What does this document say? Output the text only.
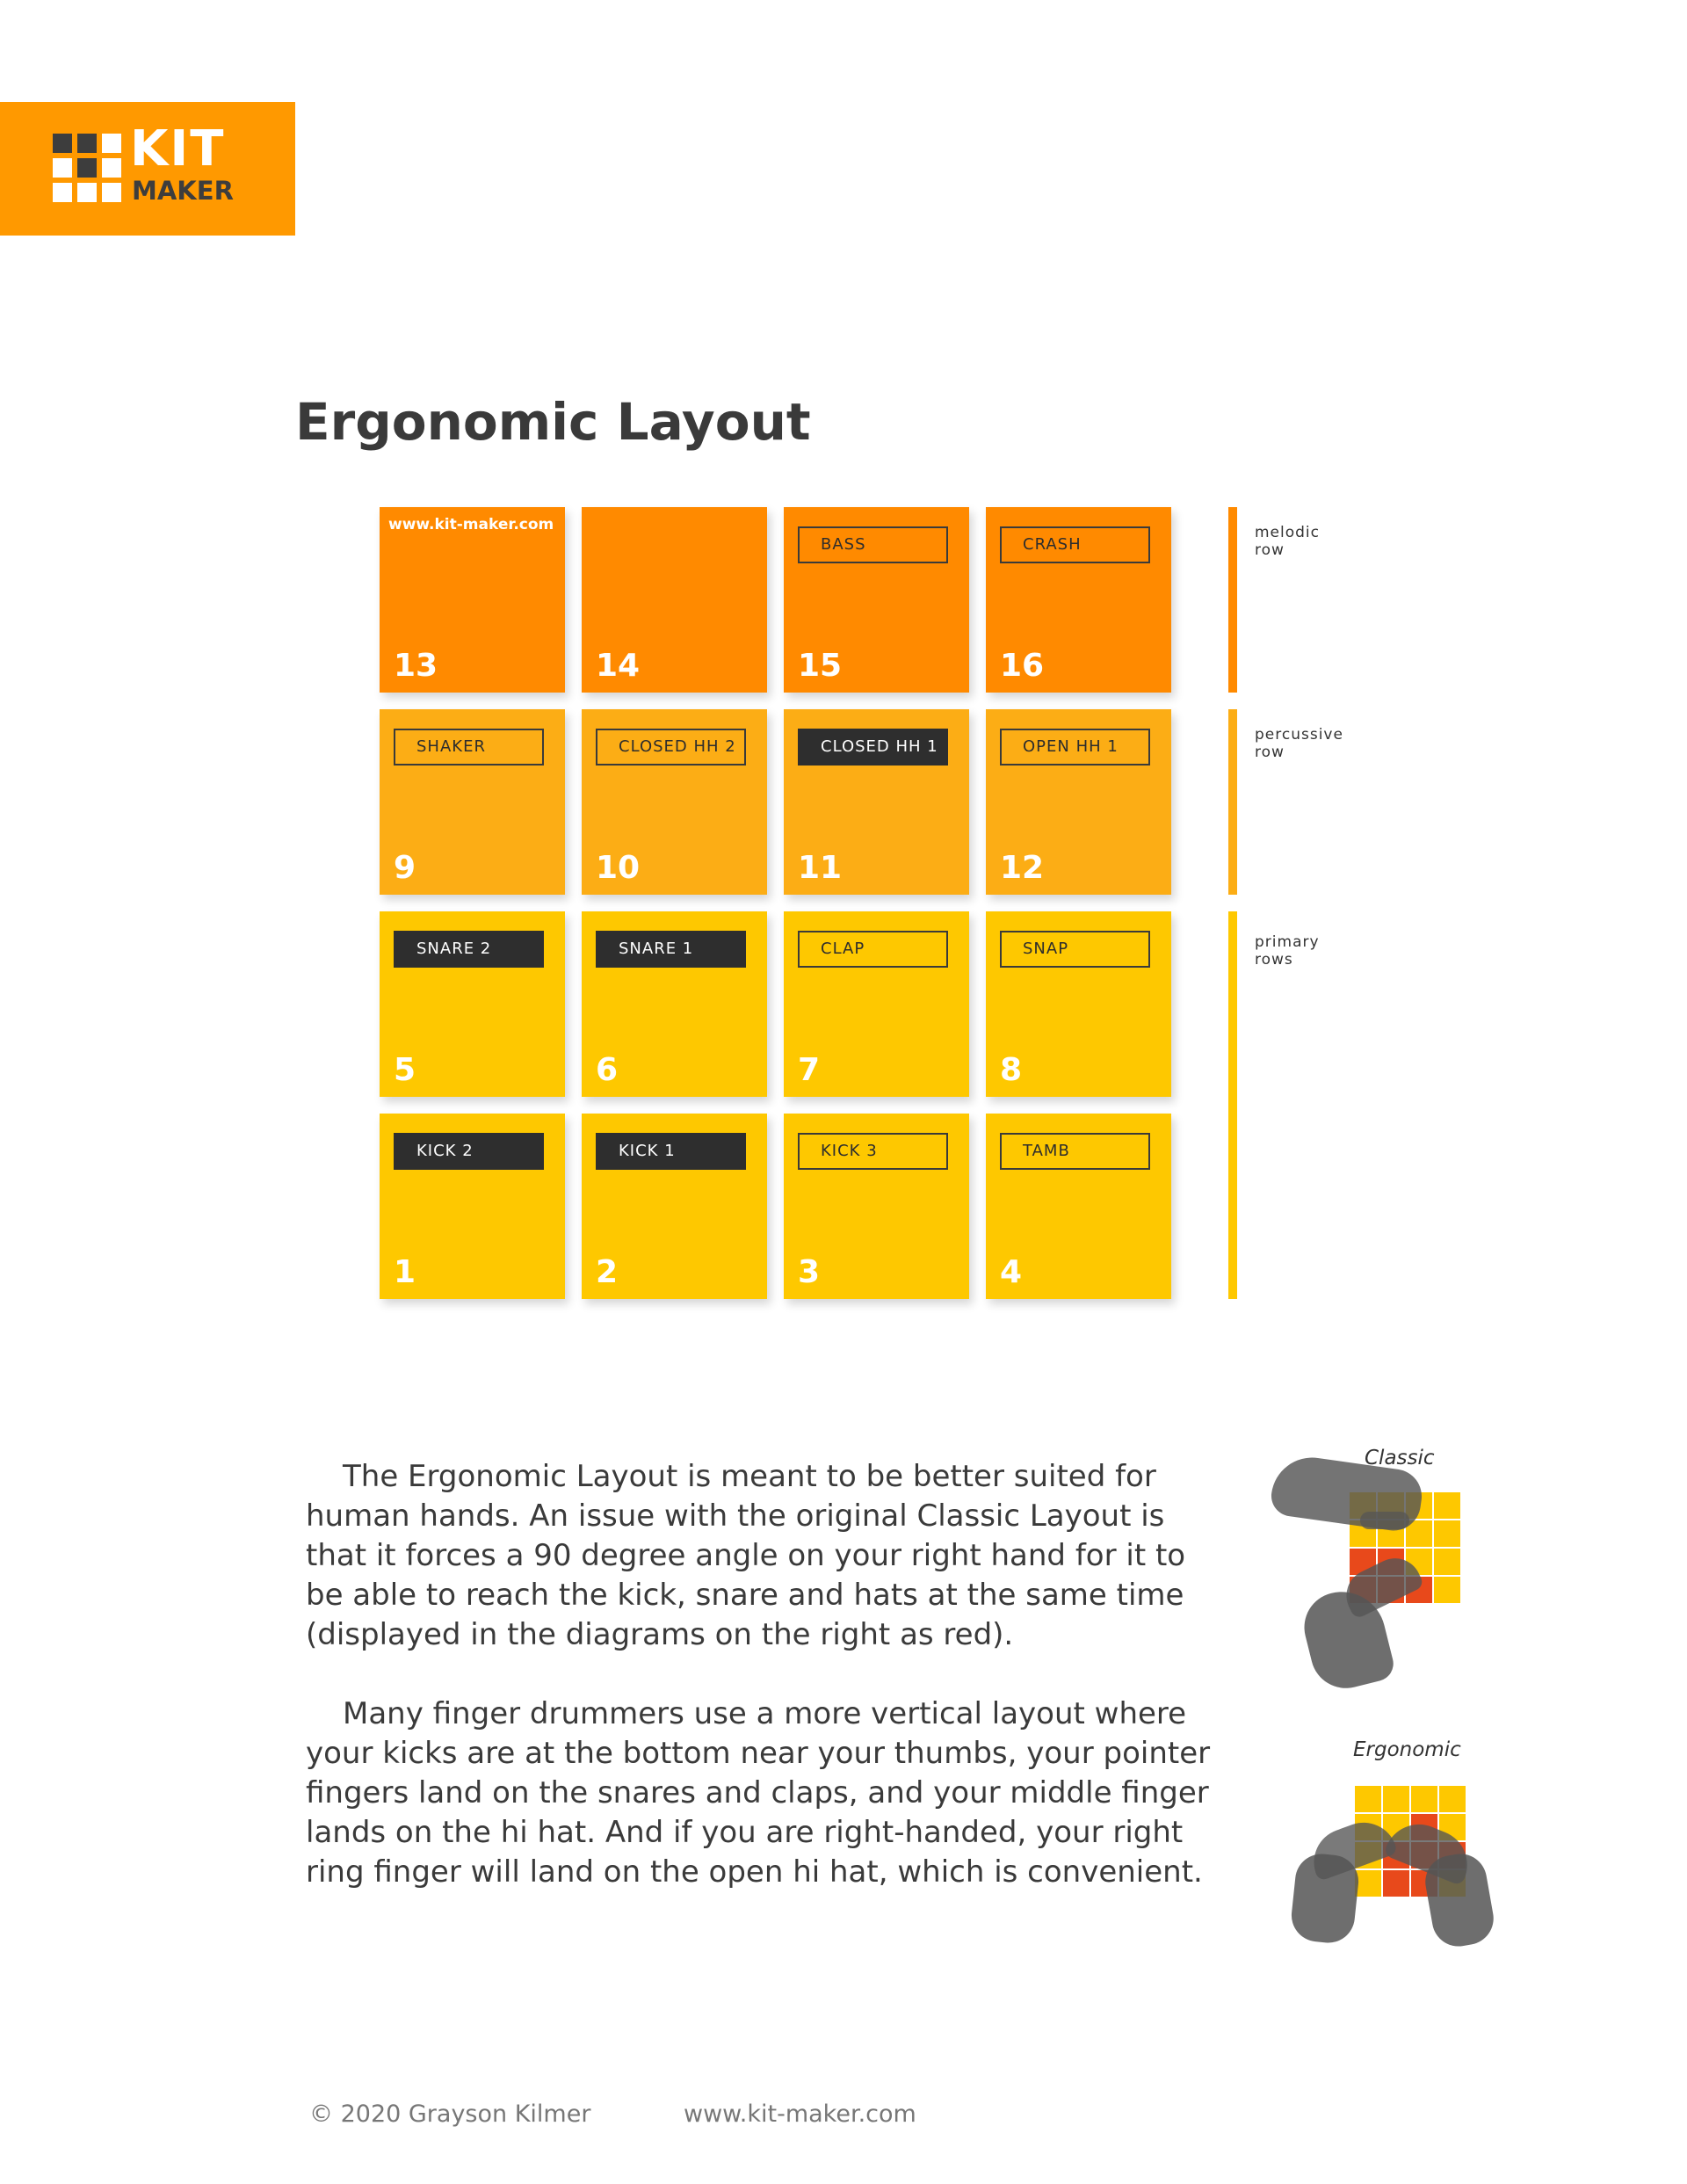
KIT
MAKER
Ergonomic Layout
www.kit-maker.com
13	14
BASS
15
CRASH
16
SHAKER
9
CLOSED HH 2
10
CLOSED HH 1
11
OPEN HH 1
12
SNARE 2
5
SNARE 1
6
CLAP
7
SNAP
8
KICK 2
1
KICK 1
2
KICK 3
3
TAMB
4
melodic
row
percussive
row
primary
rows

The Ergonomic Layout is meant to be better suited for human hands. An issue with the original Classic Layout is that it forces a 90 degree angle on your right hand for it to be able to reach the kick, snare and hats at the same time (displayed in the diagrams on the right as red).

Many finger drummers use a more vertical layout where your kicks are at the bottom near your thumbs, your pointer fingers land on the snares and claps, and your middle finger lands on the hi hat. And if you are right-handed, your right ring finger will land on the open hi hat, which is convenient.

Classic
Ergonomic
© 2020 Grayson Kilmer	www.kit-maker.com
